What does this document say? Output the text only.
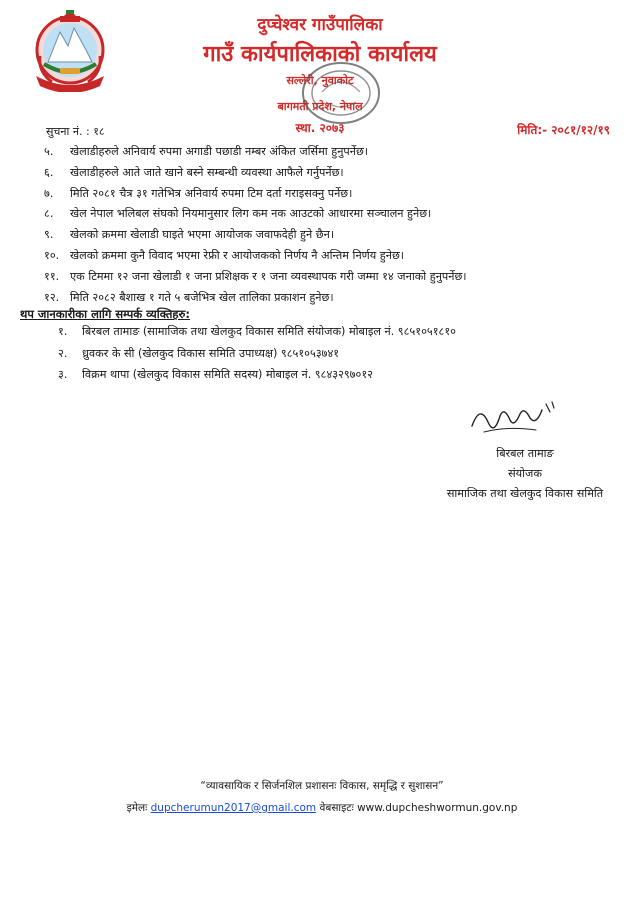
दुप्चेश्वर गाउँपालिका
गाउँ कार्यपालिकाको कार्यालय
सल्लेरी, नुवाकोट
बागमती प्रदेश, नेपाल
स्था. २०७३
सुचना नं. : १८	मिति:- २०८१/१२/१९
५. खेलाडीहरुले अनिवार्य रुपमा अगाडी पछाडी नम्बर अंकित जर्सिमा हुनुपर्नेछ।
६. खेलाडीहरुले आते जाते खाने बस्ने सम्बन्धी व्यवस्था आफैले गर्नुपर्नेछ।
७. मिति २०८१ चैत्र ३१ गतेभित्र अनिवार्य रुपमा टिम दर्ता गराइसक्नु पर्नेछ।
८. खेल नेपाल भलिबल संघको नियमानुसार लिग कम नक आउटको आधारमा सञ्चालन हुनेछ।
९. खेलको क्रममा खेलाडी घाइते भएमा आयोजक जवाफदेही हुने छैन।
१०. खेलको क्रममा कुनै विवाद भएमा रेफ्री र आयोजकको निर्णय नै अन्तिम निर्णय हुनेछ।
११. एक टिममा १२ जना खेलाडी १ जना प्रशिक्षक र १ जना व्यवस्थापक गरी जम्मा १४ जनाको हुनुपर्नेछ।
१२. मिति २०८२ बैशाख १ गते ५ बजेभित्र खेल तालिका प्रकाशन हुनेछ।
थप जानकारीका लागि सम्पर्क व्यक्तिहरु:
१. बिरबल तामाङ (सामाजिक तथा खेलकुद विकास समिति संयोजक) मोबाइल नं. ९८५१०५१८१०
२. ध्रुवकर के सी (खेलकुद विकास समिति उपाध्यक्ष) ९८५१०५३७४१
३. विक्रम थापा (खेलकुद विकास समिति सदस्य) मोबाइल नं. ९८४३२९७०१२
बिरबल तामाङ
संयोजक
सामाजिक तथा खेलकुद विकास समिति
“व्यावसायिक र सिर्जनशिल प्रशासनः विकास, समृद्धि र सुशासन”
इमेलः dupcherumun2017@gmail.com वेबसाइटः www.dupcheshwormun.gov.np
